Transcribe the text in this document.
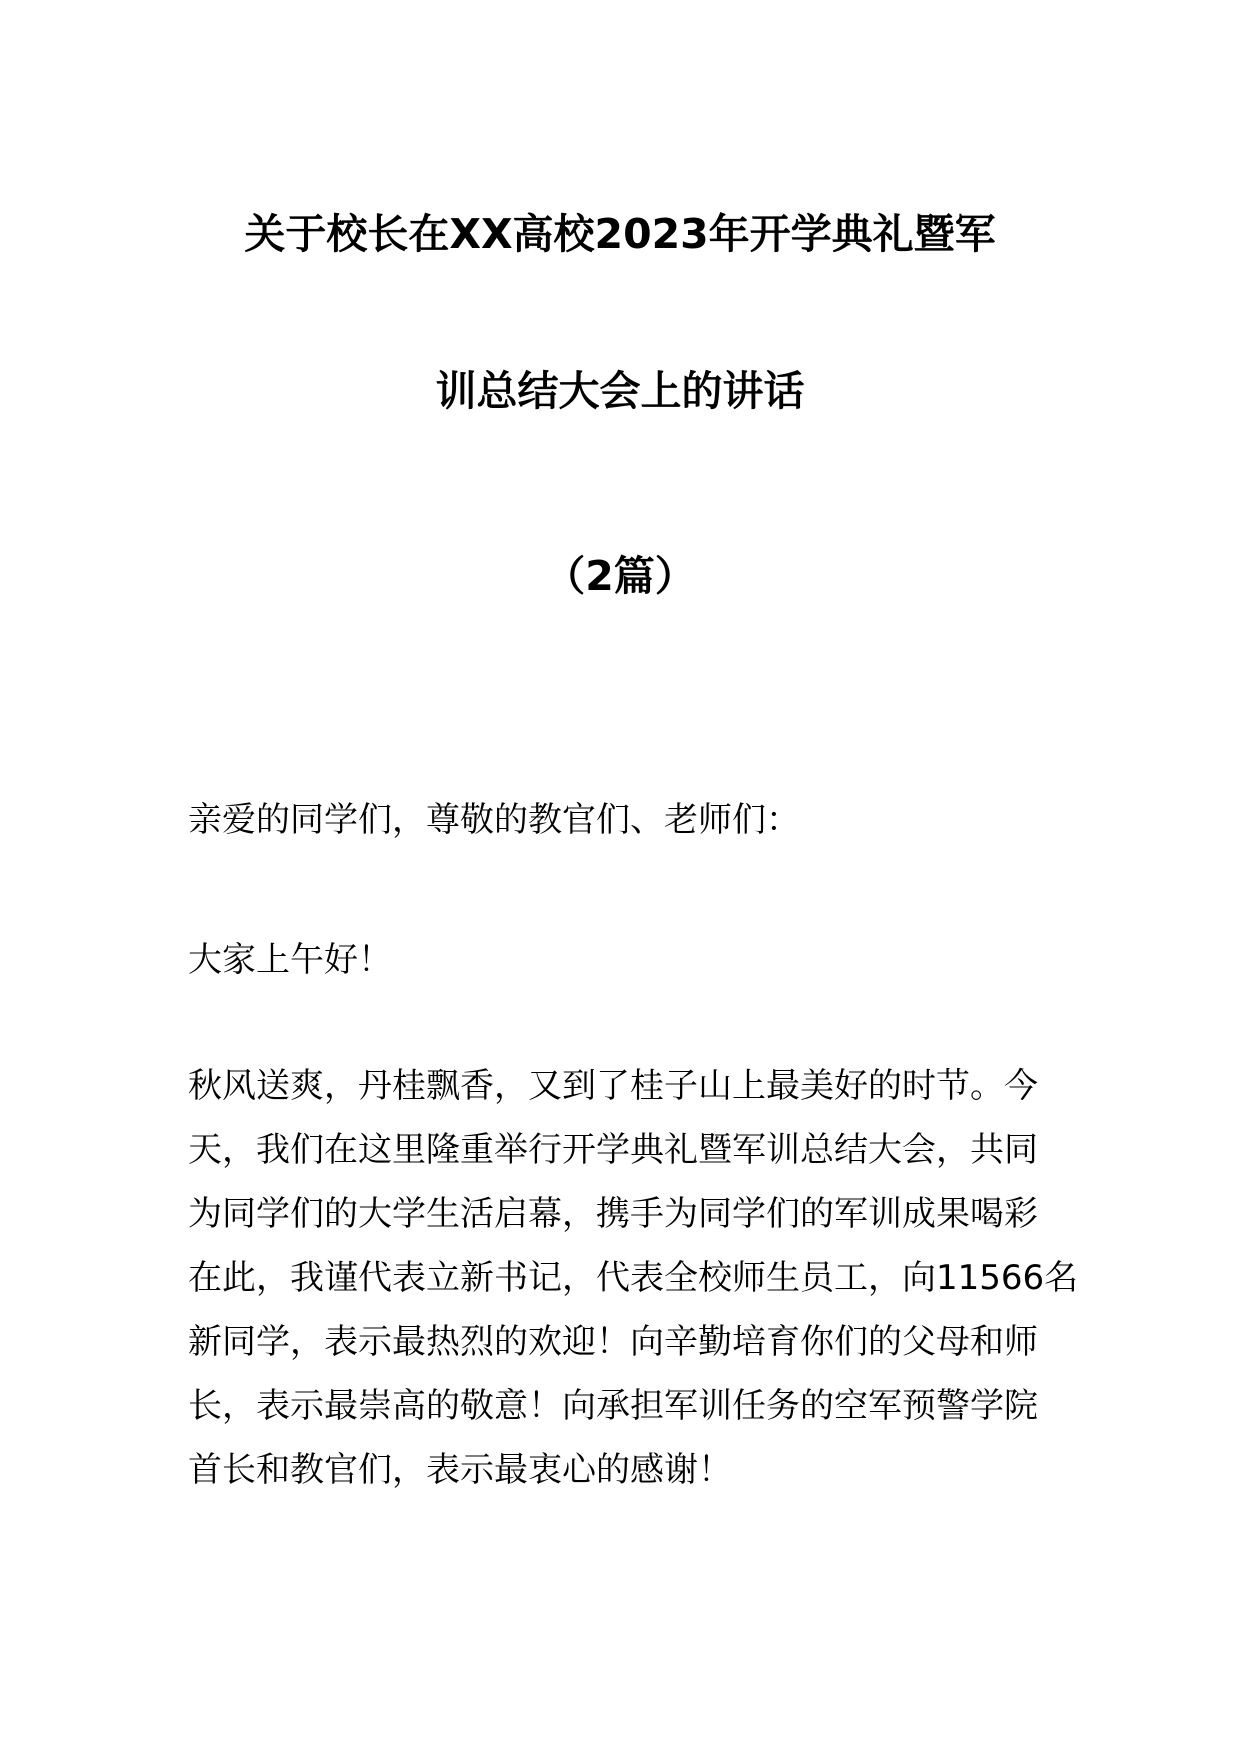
关于校长在XX高校2023年开学典礼暨军
训总结大会上的讲话
（2篇）
亲爱的同学们，尊敬的教官们、老师们：
大家上午好！
秋风送爽，丹桂飘香，又到了桂子山上最美好的时节。今
天，我们在这里隆重举行开学典礼暨军训总结大会，共同
为同学们的大学生活启幕，携手为同学们的军训成果喝彩
在此，我谨代表立新书记，代表全校师生员工，向11566名
新同学，表示最热烈的欢迎！向辛勤培育你们的父母和师
长，表示最崇高的敬意！向承担军训任务的空军预警学院
首长和教官们，表示最衷心的感谢！
